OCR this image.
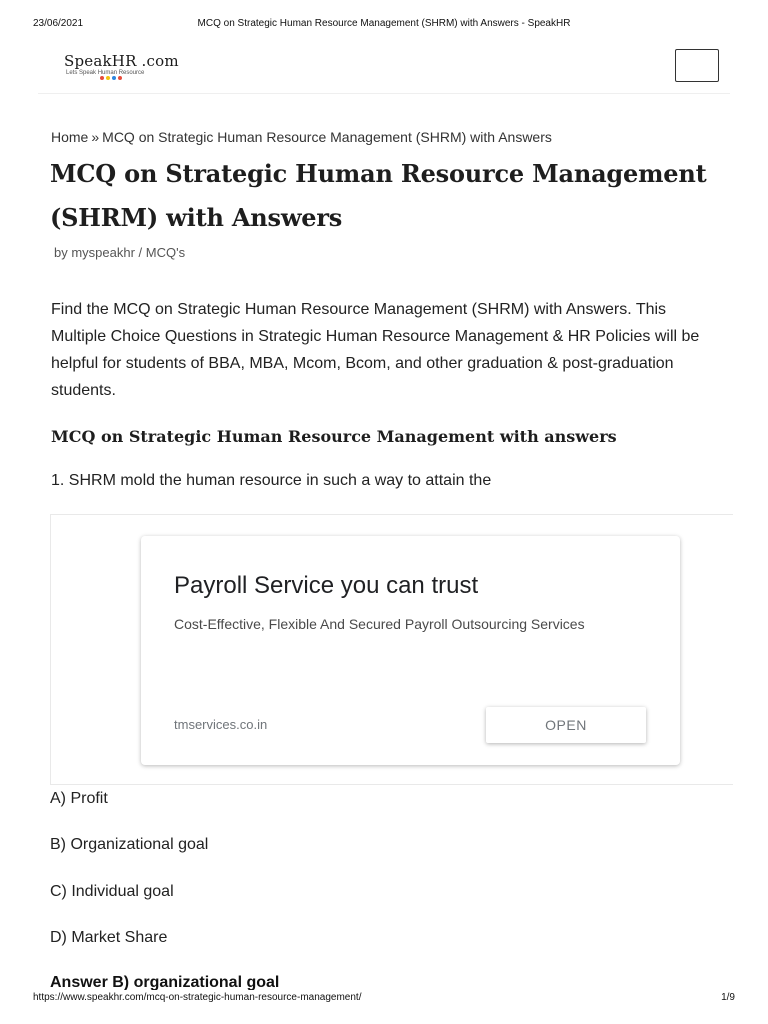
23/06/2021	MCQ on Strategic Human Resource Management (SHRM) with Answers - SpeakHR
SpeakHR .com
Lets Speak Human Resource
Home » MCQ on Strategic Human Resource Management (SHRM) with Answers
MCQ on Strategic Human Resource Management (SHRM) with Answers
by myspeakhr / MCQ's

Find the MCQ on Strategic Human Resource Management (SHRM) with Answers. This Multiple Choice Questions in Strategic Human Resource Management & HR Policies will be helpful for students of BBA, MBA, Mcom, Bcom, and other graduation & post-graduation students.

MCQ on Strategic Human Resource Management with answers

1. SHRM mold the human resource in such a way to attain the

Payroll Service you can trust
Cost-Effective, Flexible And Secured Payroll Outsourcing Services
tmservices.co.in	OPEN

A) Profit

B) Organizational goal

C) Individual goal

D) Market Share

Answer B) organizational goal

https://www.speakhr.com/mcq-on-strategic-human-resource-management/	1/9
